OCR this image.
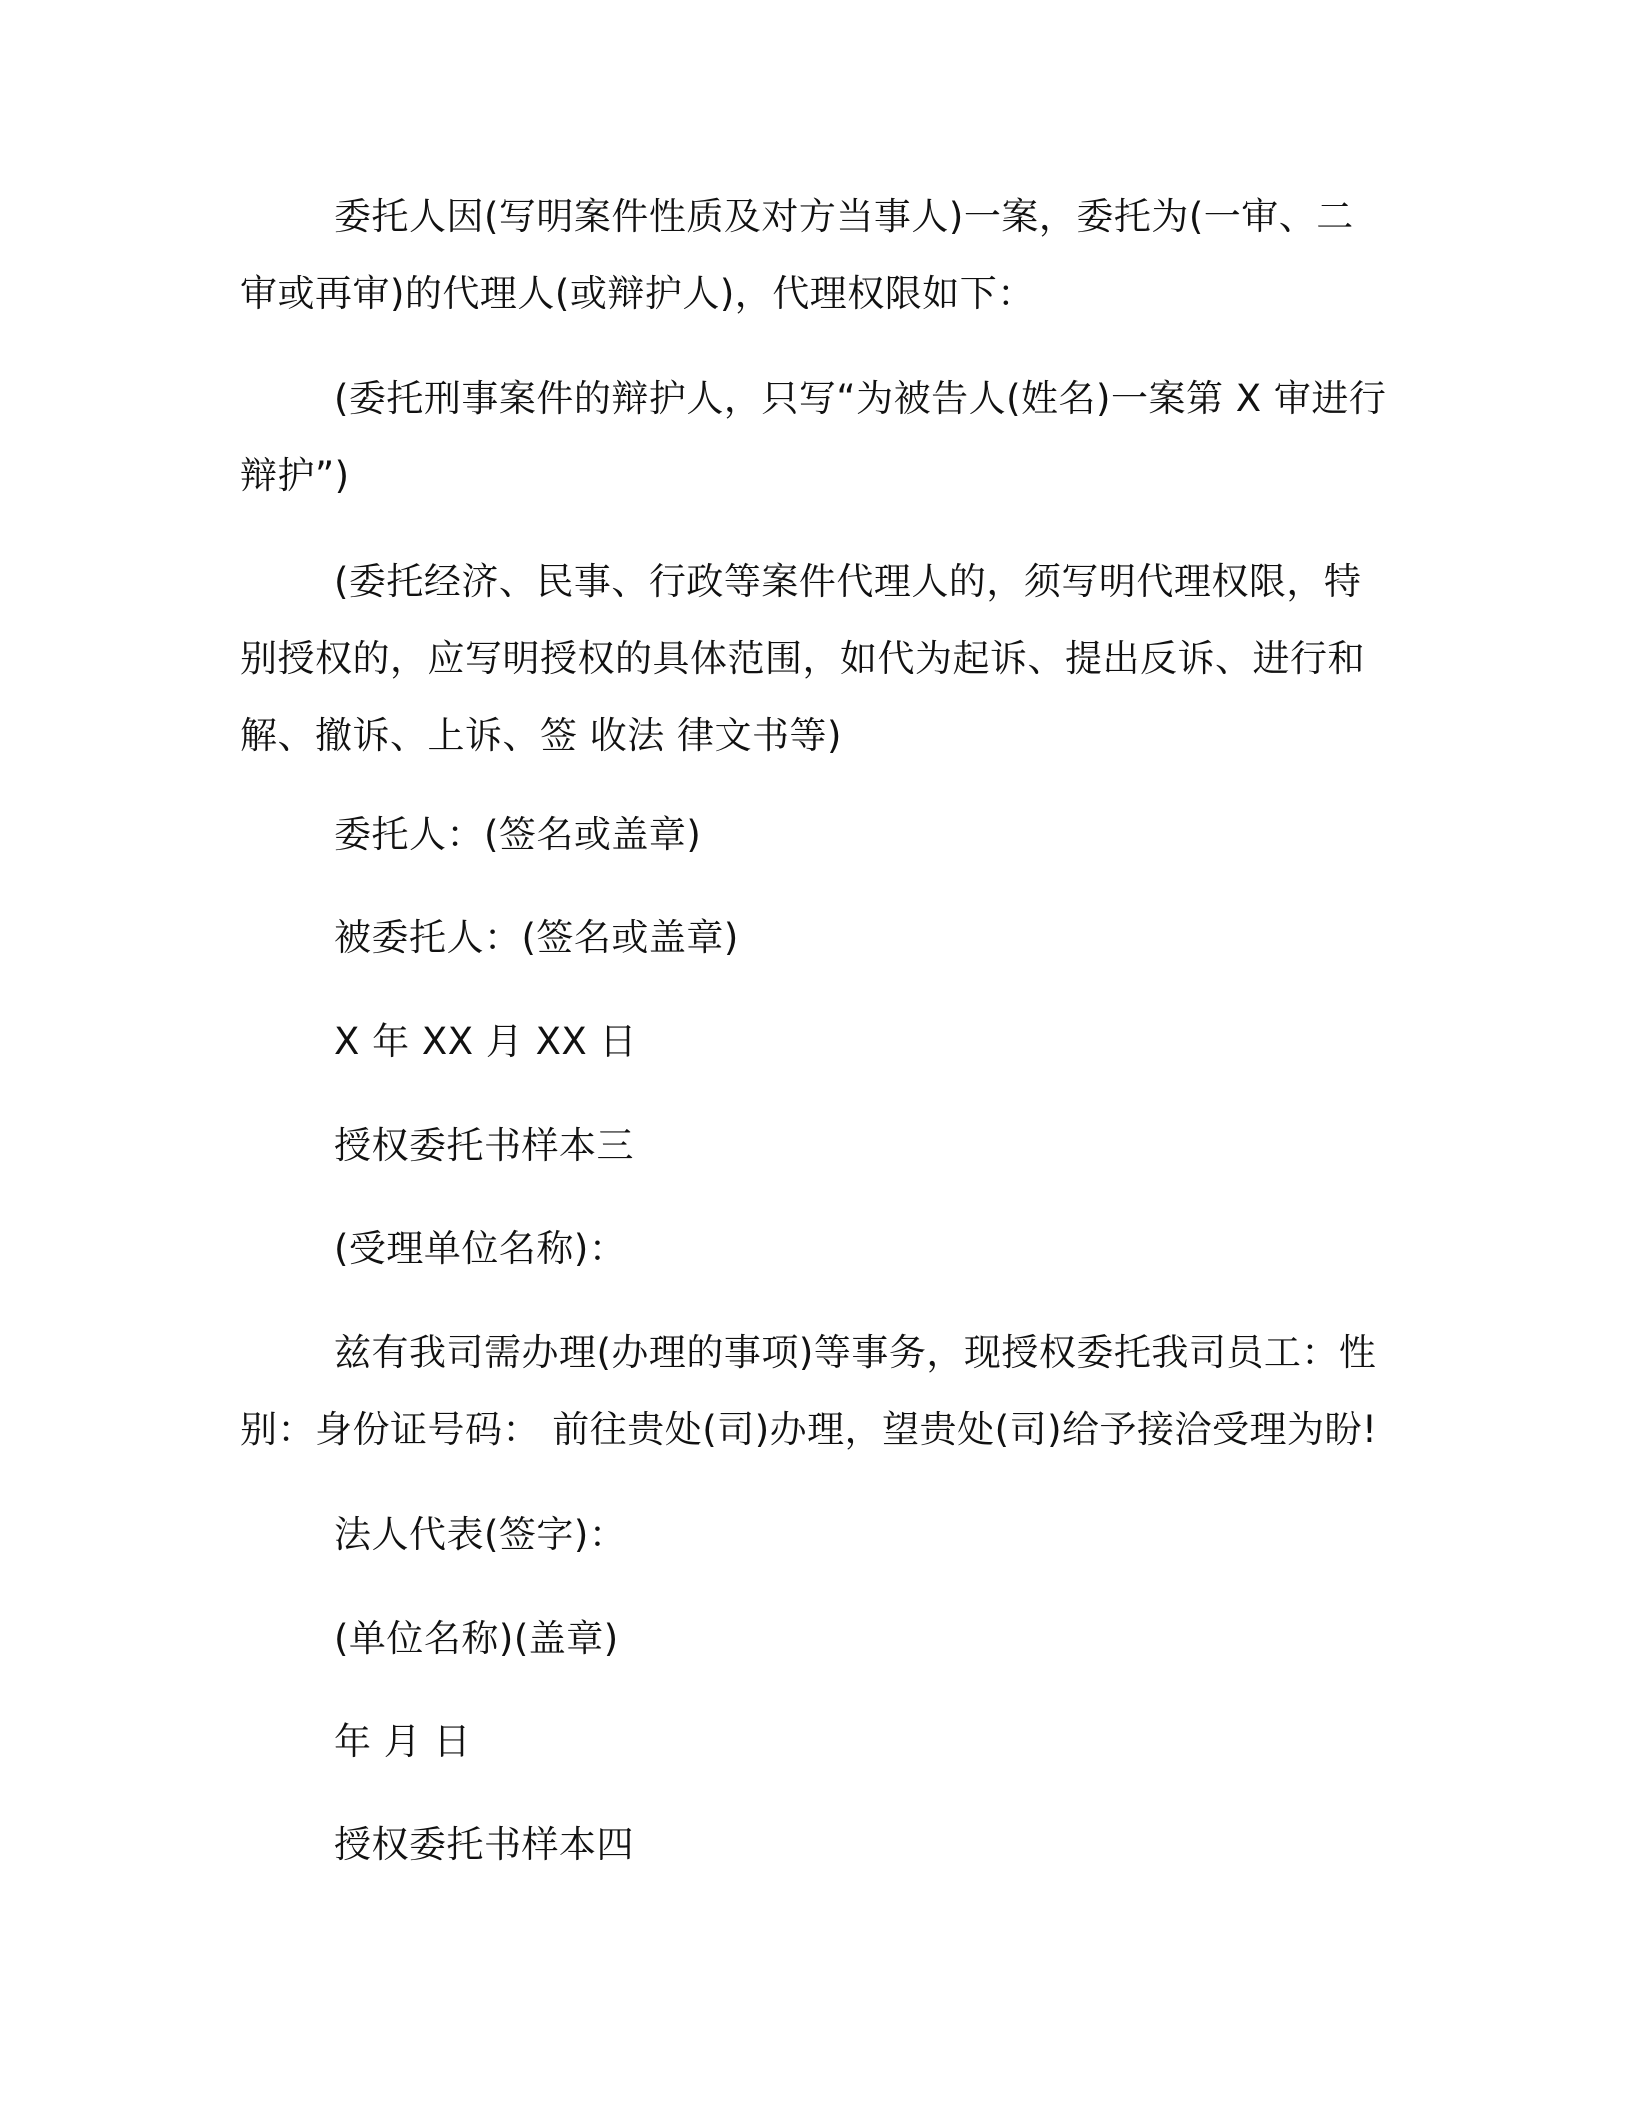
委托人因(写明案件性质及对方当事人)一案，委托为(一审、二审或再审)的代理人(或辩护人)，代理权限如下：

(委托刑事案件的辩护人，只写“为被告人(姓名)一案第 X 审进行辩护”)

(委托经济、民事、行政等案件代理人的，须写明代理权限，特别授权的，应写明授权的具体范围，如代为起诉、提出反诉、进行和解、撤诉、上诉、签 收法 律文书等)

委托人：(签名或盖章)

被委托人：(签名或盖章)

X 年 XX 月 XX 日

授权委托书样本三

(受理单位名称)：

兹有我司需办理(办理的事项)等事务，现授权委托我司员工：性别：身份证号码： 前往贵处(司)办理，望贵处(司)给予接洽受理为盼!

法人代表(签字)：

(单位名称)(盖章)

年 月 日

授权委托书样本四
